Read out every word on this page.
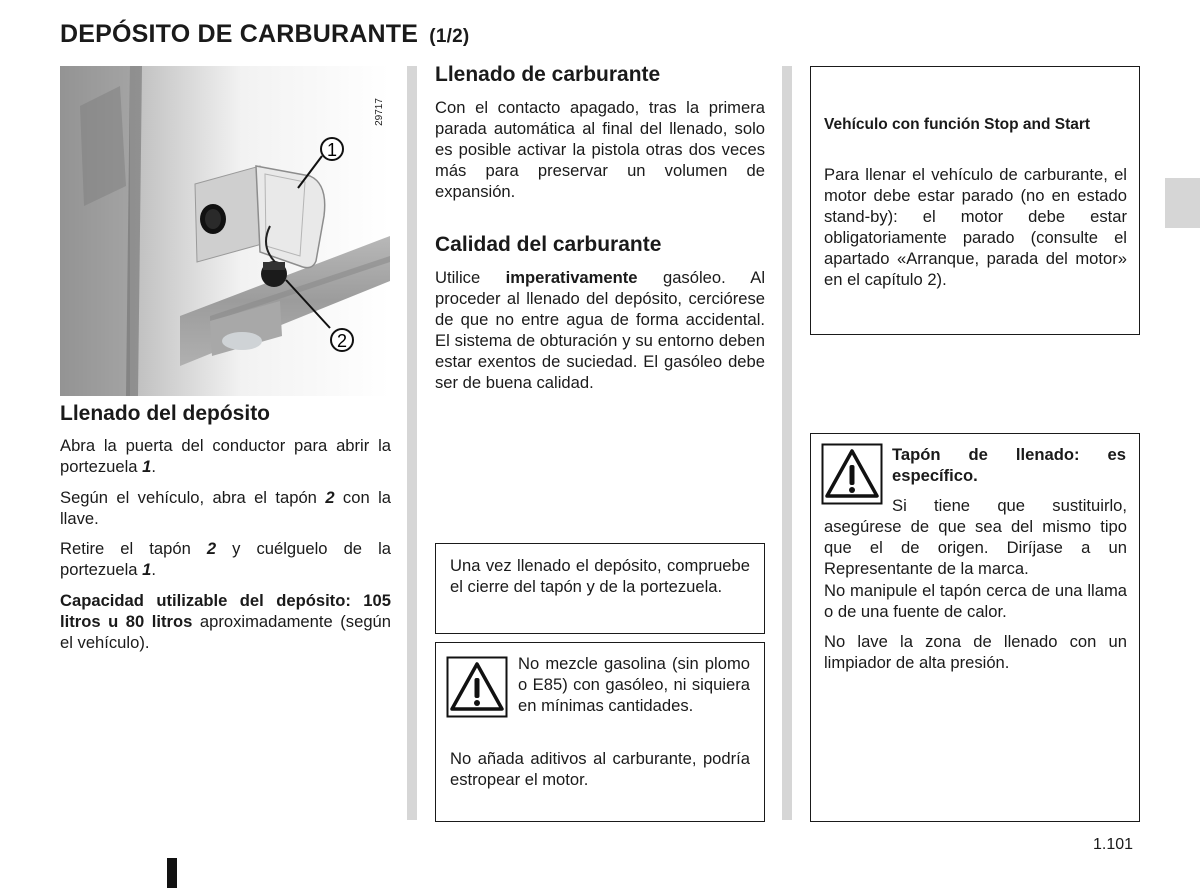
DEPÓSITO DE CARBURANTE (1/2)
1
2
29717
Llenado del depósito
Abra la puerta del conductor para abrir la portezuela 1.
Según el vehículo, abra el tapón 2 con la llave.
Retire el tapón 2 y cuélguelo de la portezuela 1.
Capacidad utilizable del depósito: 105 litros u 80 litros aproximadamente (según el vehículo).
Llenado de carburante
Con el contacto apagado, tras la primera parada automática al final del llenado, solo es posible activar la pistola otras dos veces más para preservar un volumen de expansión.
Calidad del carburante
Utilice imperativamente gasóleo. Al proceder al llenado del depósito, cerciórese de que no entre agua de forma accidental. El sistema de obturación y su entorno deben estar exentos de suciedad. El gasóleo debe ser de buena calidad.
Una vez llenado el depósito, compruebe el cierre del tapón y de la portezuela.
No mezcle gasolina (sin plomo o E85) con gasóleo, ni siquiera en mínimas cantidades.
No añada aditivos al carburante, podría estropear el motor.
Vehículo con función Stop and Start
Para llenar el vehículo de carburante, el motor debe estar parado (no en estado stand-by): el motor debe estar obligatoriamente parado (consulte el apartado «Arranque, parada del motor» en el capítulo 2).
Tapón de llenado: es específico.
Si tiene que sustituirlo, asegúrese de que sea del mismo tipo que el de origen. Diríjase a un Representante de la marca.
No manipule el tapón cerca de una llama o de una fuente de calor.
No lave la zona de llenado con un limpiador de alta presión.
1.101
